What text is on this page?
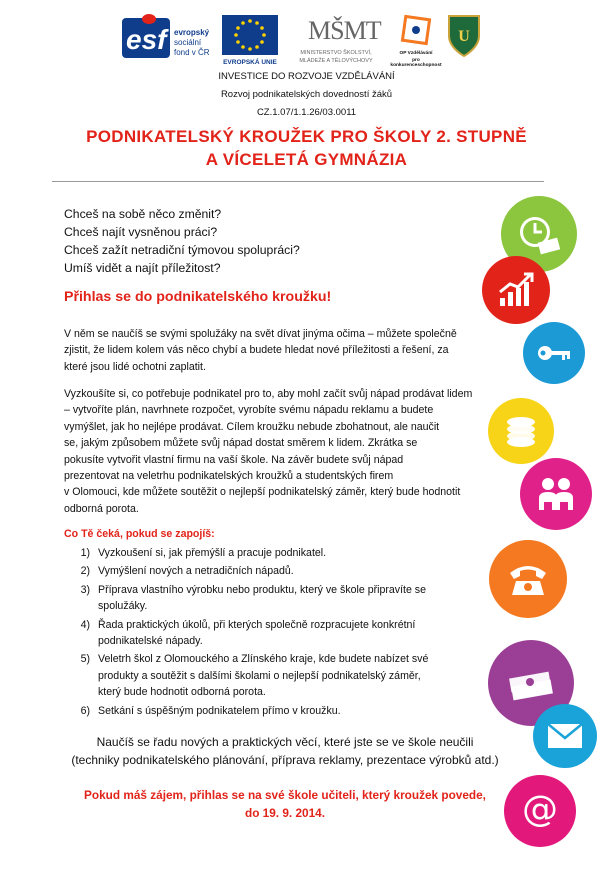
esf evropský
sociální
fond v ČR
EVROPSKÁ UNIE
MŠMT
MINISTERSTVO ŠKOLSTVÍ,
MLÁDEŽE A TĚLOVÝCHOVY
OP Vzdělávání
pro konkurenceschopnost
U
INVESTICE DO ROZVOJE VZDĚLÁVÁNÍ
Rozvoj podnikatelských dovedností žáků
CZ.1.07/1.1.26/03.0011
PODNIKATELSKÝ KROUŽEK PRO ŠKOLY 2. STUPNĚ
A VÍCELETÁ GYMNÁZIA
Chceš na sobě něco změnit?
Chceš najít vysněnou práci?
Chceš zažít netradiční týmovou spolupráci?
Umíš vidět a najít příležitost?
Přihlas se do podnikatelského kroužku!
V něm se naučíš se svými spolužáky na svět dívat jinýma očima – můžete společně
zjistit, že lidem kolem vás něco chybí a budete hledat nové příležitosti a řešení, za
které jsou lidé ochotni zaplatit.
Vyzkoušíte si, co potřebuje podnikatel pro to, aby mohl začít svůj nápad prodávat lidem
– vytvoříte plán, navrhnete rozpočet, vyrobíte svému nápadu reklamu a budete
vymýšlet, jak ho nejlépe prodávat. Cílem kroužku nebude zbohatnout, ale naučit
se, jakým způsobem můžete svůj nápad dostat směrem k lidem. Zkrátka se
pokusíte vytvořit vlastní firmu na vaší škole. Na závěr budete svůj nápad
prezentovat na veletrhu podnikatelských kroužků a studentských firem
v Olomouci, kde můžete soutěžit o nejlepší podnikatelský záměr, který bude hodnotit
odborná porota.
Co Tě čeká, pokud se zapojíš:
1) Vyzkoušení si, jak přemýšlí a pracuje podnikatel.
2) Vymýšlení nových a netradičních nápadů.
3) Příprava vlastního výrobku nebo produktu, který ve škole připravíte se
spolužáky.
4) Řada praktických úkolů, při kterých společně rozpracujete konkrétní
podnikatelské nápady.
5) Veletrh škol z Olomouckého a Zlínského kraje, kde budete nabízet své
produkty a soutěžit s dalšími školami o nejlepší podnikatelský záměr,
který bude hodnotit odborná porota.
6) Setkání s úspěšným podnikatelem přímo v kroužku.
Naučíš se řadu nových a praktických věcí, které jste se ve škole neučili
(techniky podnikatelského plánování, příprava reklamy, prezentace výrobků atd.)
Pokud máš zájem, přihlas se na své škole učiteli, který kroužek povede,
do 19. 9. 2014.	@
